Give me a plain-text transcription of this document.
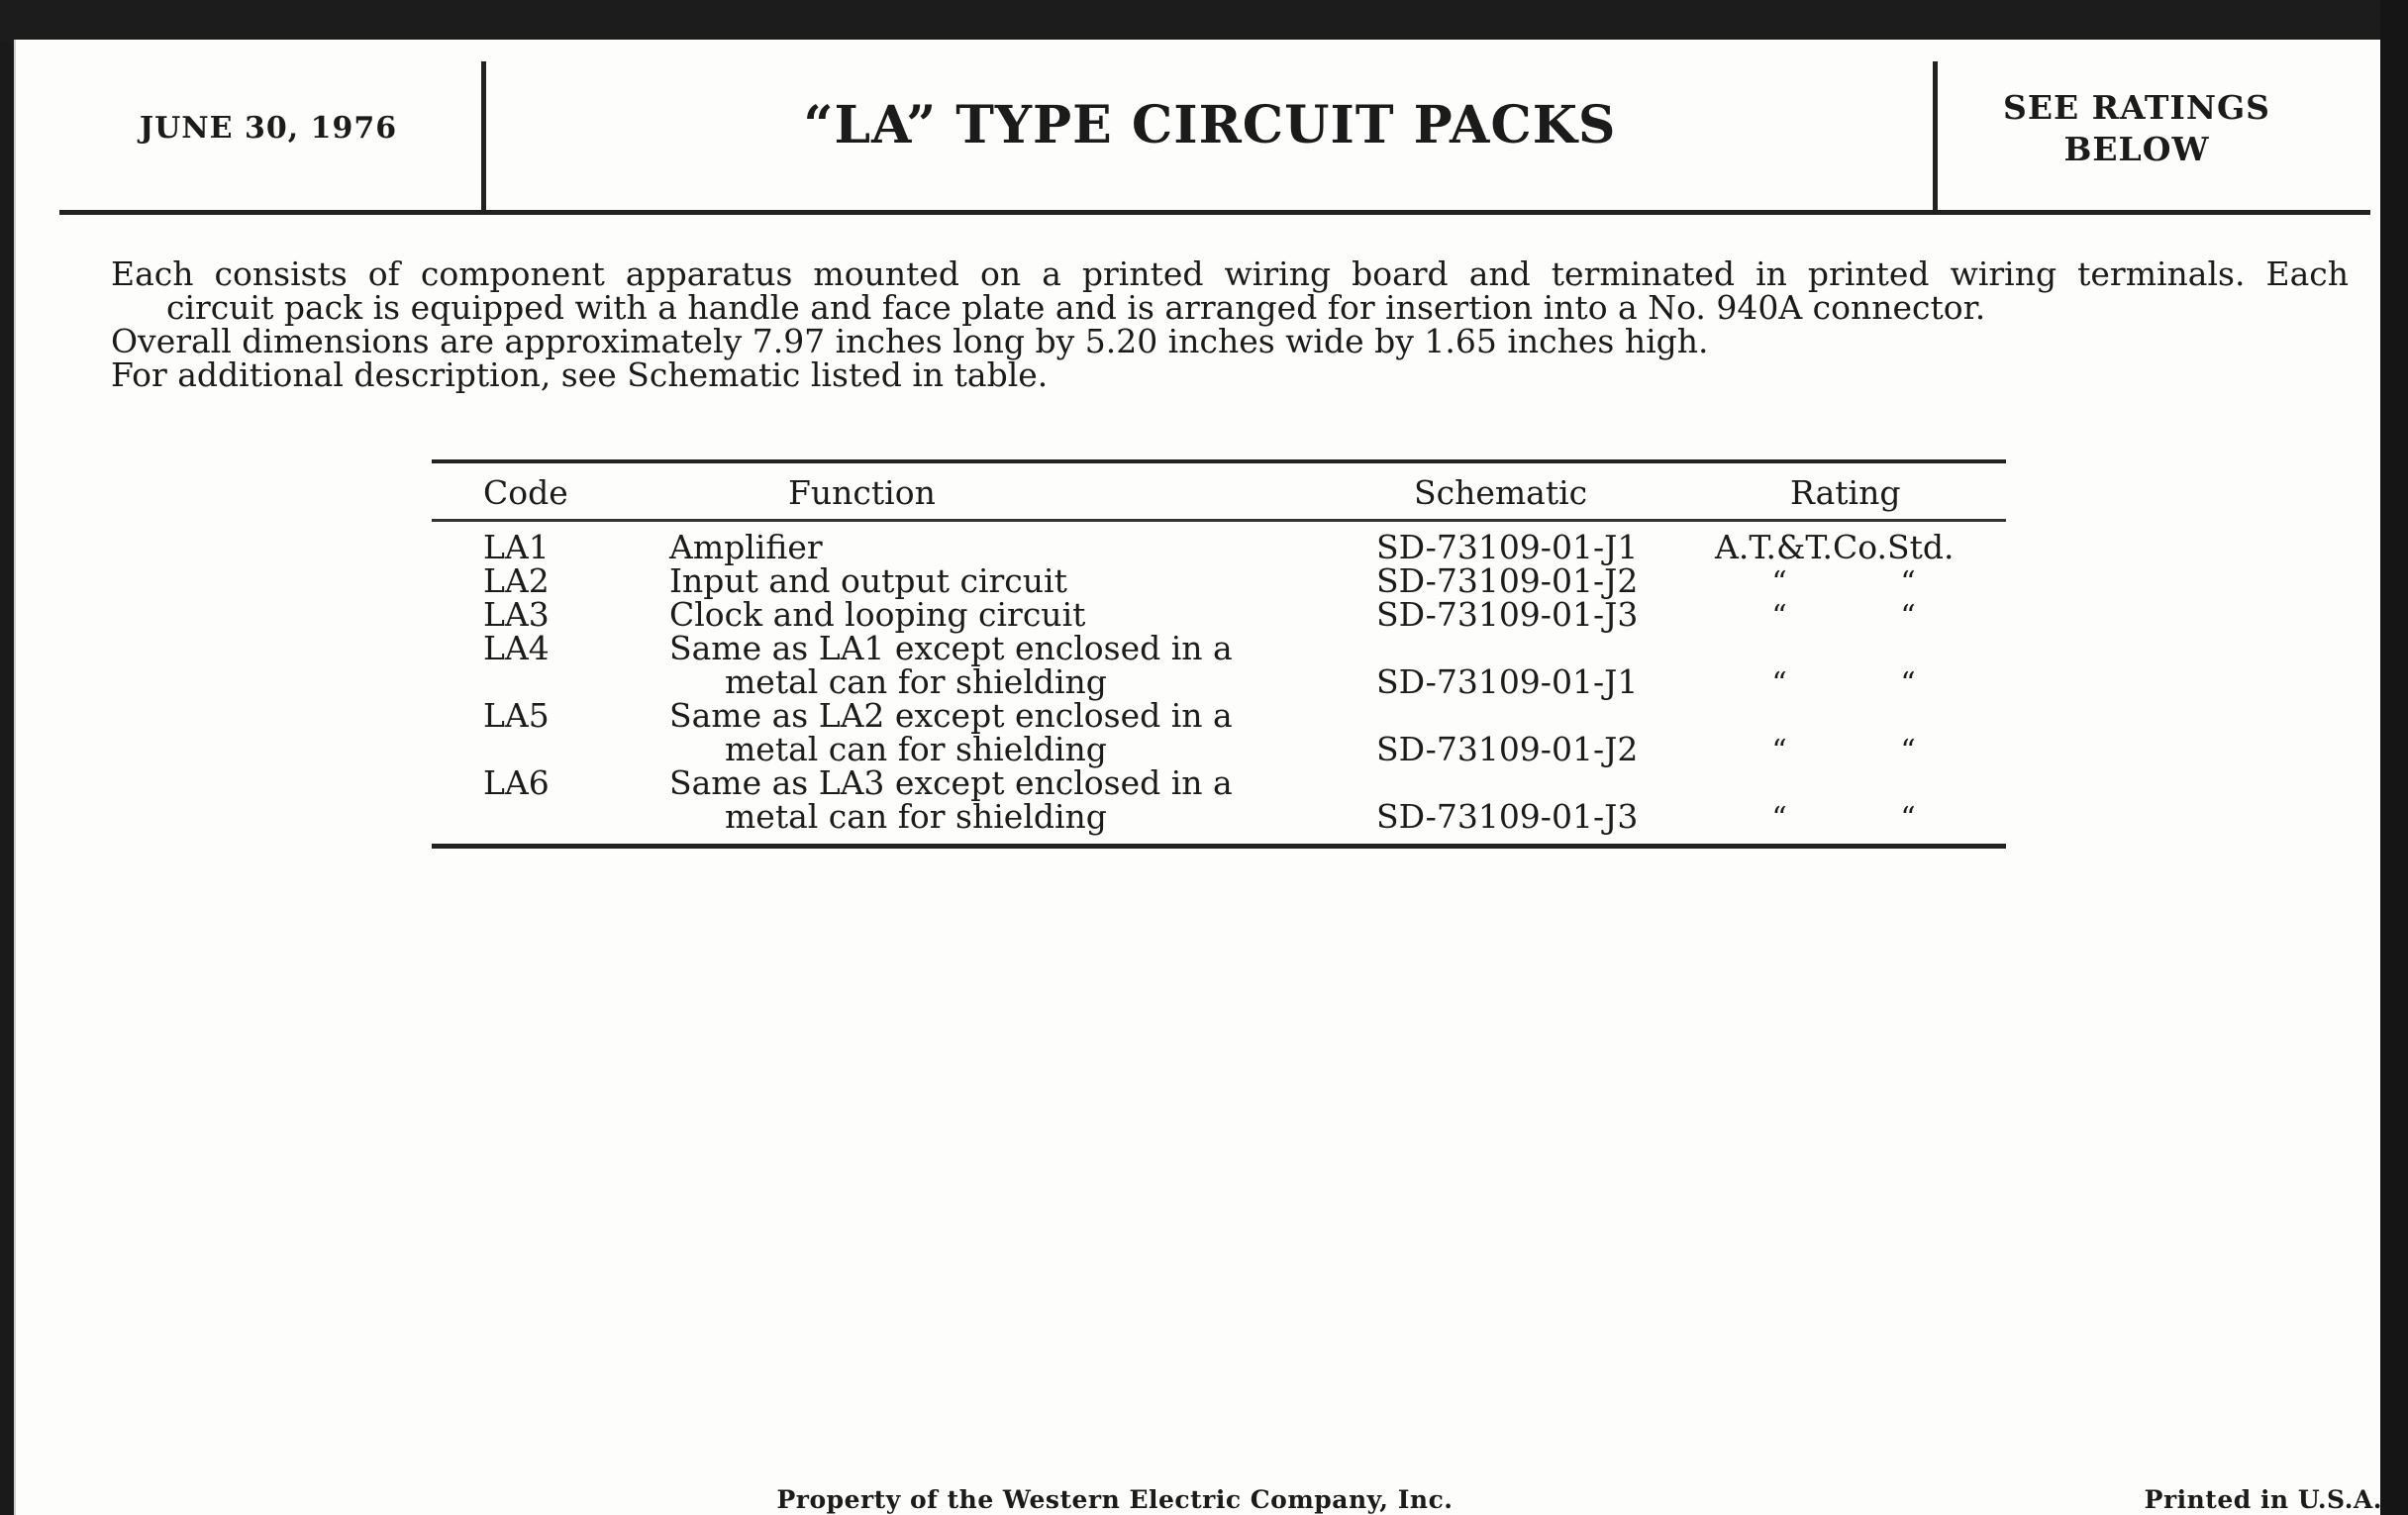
JUNE 30, 1976	“LA” TYPE CIRCUIT PACKS	SEE RATINGS
BELOW

Each consists of component apparatus mounted on a printed wiring board and terminated in printed wiring terminals. Each

circuit pack is equipped with a handle and face plate and is arranged for insertion into a No. 940A connector.

Overall dimensions are approximately 7.97 inches long by 5.20 inches wide by 1.65 inches high.

For additional description, see Schematic listed in table.

Code	Function	Schematic	Rating
LA1	Amplifier	SD-73109-01-J1 A.T.&T.Co.Std.
LA2	Input and output circuit	SD-73109-01-J2	“	“
LA3	Clock and looping circuit	SD-73109-01-J3	“	“
LA4	Same as LA1 except enclosed in a
metal can for shielding	SD-73109-01-J1	“	“
LA5	Same as LA2 except enclosed in a
metal can for shielding	SD-73109-01-J2	“	“
LA6	Same as LA3 except enclosed in a
metal can for shielding	SD-73109-01-J3	“	“
Property of the Western Electric Company, Inc.	Printed in U.S.A.
